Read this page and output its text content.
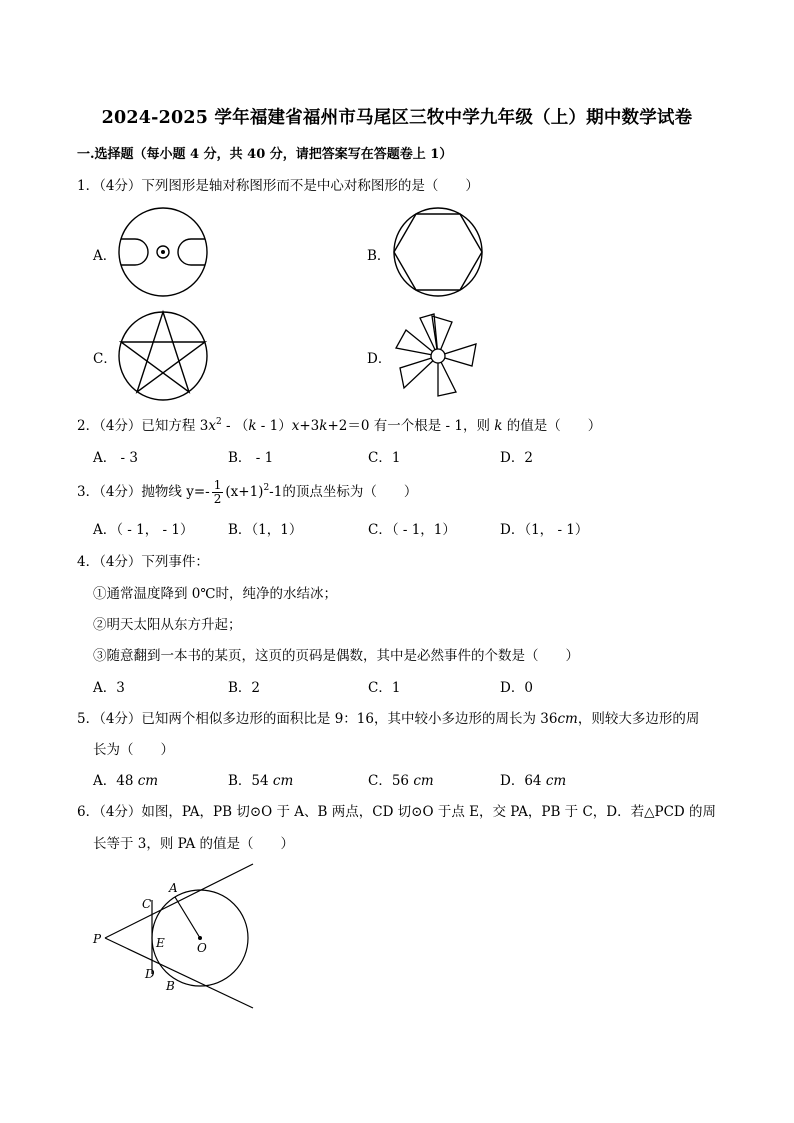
2024-2025 学年福建省福州市马尾区三牧中学九年级（上）期中数学试卷
一.选择题（每小题 4 分，共 40 分，请把答案写在答题卷上 1）
1．（4分）下列图形是轴对称图形而不是中心对称图形的是（　　）
A．	B．
C．	D．
2．（4分）已知方程 $3x^2 - (k - 1)x+3k+2=0$ 有一个根是 - 1，则 k 的值是（　　）
A． - 3	B． - 1	C．1	D．2
3．（4分）抛物线 $y=- \frac{1}{2} (x+1)^2-1$的顶点坐标为（　　）
A．（ - 1， - 1）	B．（1，1）	C．（ - 1，1）	D．（1， - 1）
4．（4分）下列事件：
①通常温度降到 0℃时，纯净的水结冰；
②明天太阳从东方升起；
③随意翻到一本书的某页，这页的页码是偶数，其中是必然事件的个数是（　　）
A．3	B．2	C．1	D．0
5．（4分）已知两个相似多边形的面积比是 9：16，其中较小多边形的周长为 36cm，则较大多边形的周
长为（　　）
A．48 cm	B．54 cm	C．56 cm	D．64 cm
6．（4分）如图，PA，PB 切⊙O 于 A、B 两点，CD 切⊙O 于点 E，交 PA，PB 于 C，D．若△PCD 的周
长等于 3，则 PA 的值是（　　）
A
C
P	E	O
D
B
